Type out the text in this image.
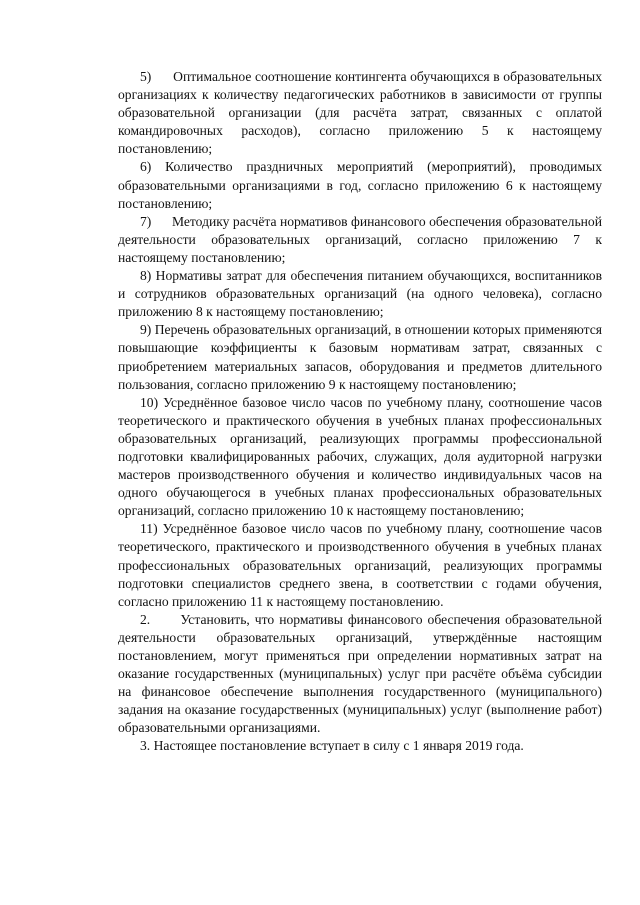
5)      Оптимальное соотношение контингента обучающихся в образовательных организациях к количеству педагогических работников в зависимости от группы образовательной организации (для расчёта затрат, связанных с оплатой командировочных расходов), согласно приложению 5 к настоящему постановлению;

6) Количество праздничных мероприятий (мероприятий), проводимых образовательными организациями в год, согласно приложению 6 к настоящему постановлению;

7)      Методику расчёта нормативов финансового обеспечения образовательной деятельности образовательных организаций, согласно приложению 7 к настоящему постановлению;

8) Нормативы затрат для обеспечения питанием обучающихся, воспитанников и сотрудников образовательных организаций (на одного человека), согласно приложению 8 к настоящему постановлению;

9) Перечень образовательных организаций, в отношении которых применяются повышающие коэффициенты к базовым нормативам затрат, связанных с приобретением материальных запасов, оборудования и предметов длительного пользования, согласно приложению 9 к настоящему постановлению;

10) Усреднённое базовое число часов по учебному плану, соотношение часов теоретического и практического обучения в учебных планах профессиональных образовательных организаций, реализующих программы профессиональной подготовки квалифицированных рабочих, служащих, доля аудиторной нагрузки мастеров производственного обучения и количество индивидуальных часов на одного обучающегося в учебных планах профессиональных образовательных организаций, согласно приложению 10 к настоящему постановлению;

11) Усреднённое базовое число часов по учебному плану, соотношение часов теоретического, практического и производственного обучения в учебных планах профессиональных образовательных организаций, реализующих программы подготовки специалистов среднего звена, в соответствии с годами обучения, согласно приложению 11 к настоящему постановлению.

2.      Установить, что нормативы финансового обеспечения образовательной деятельности образовательных организаций, утверждённые настоящим постановлением, могут применяться при определении нормативных затрат на оказание государственных (муниципальных) услуг при расчёте объёма субсидии на финансовое обеспечение выполнения государственного (муниципального) задания на оказание государственных (муниципальных) услуг (выполнение работ) образовательными организациями.

3. Настоящее постановление вступает в силу с 1 января 2019 года.
